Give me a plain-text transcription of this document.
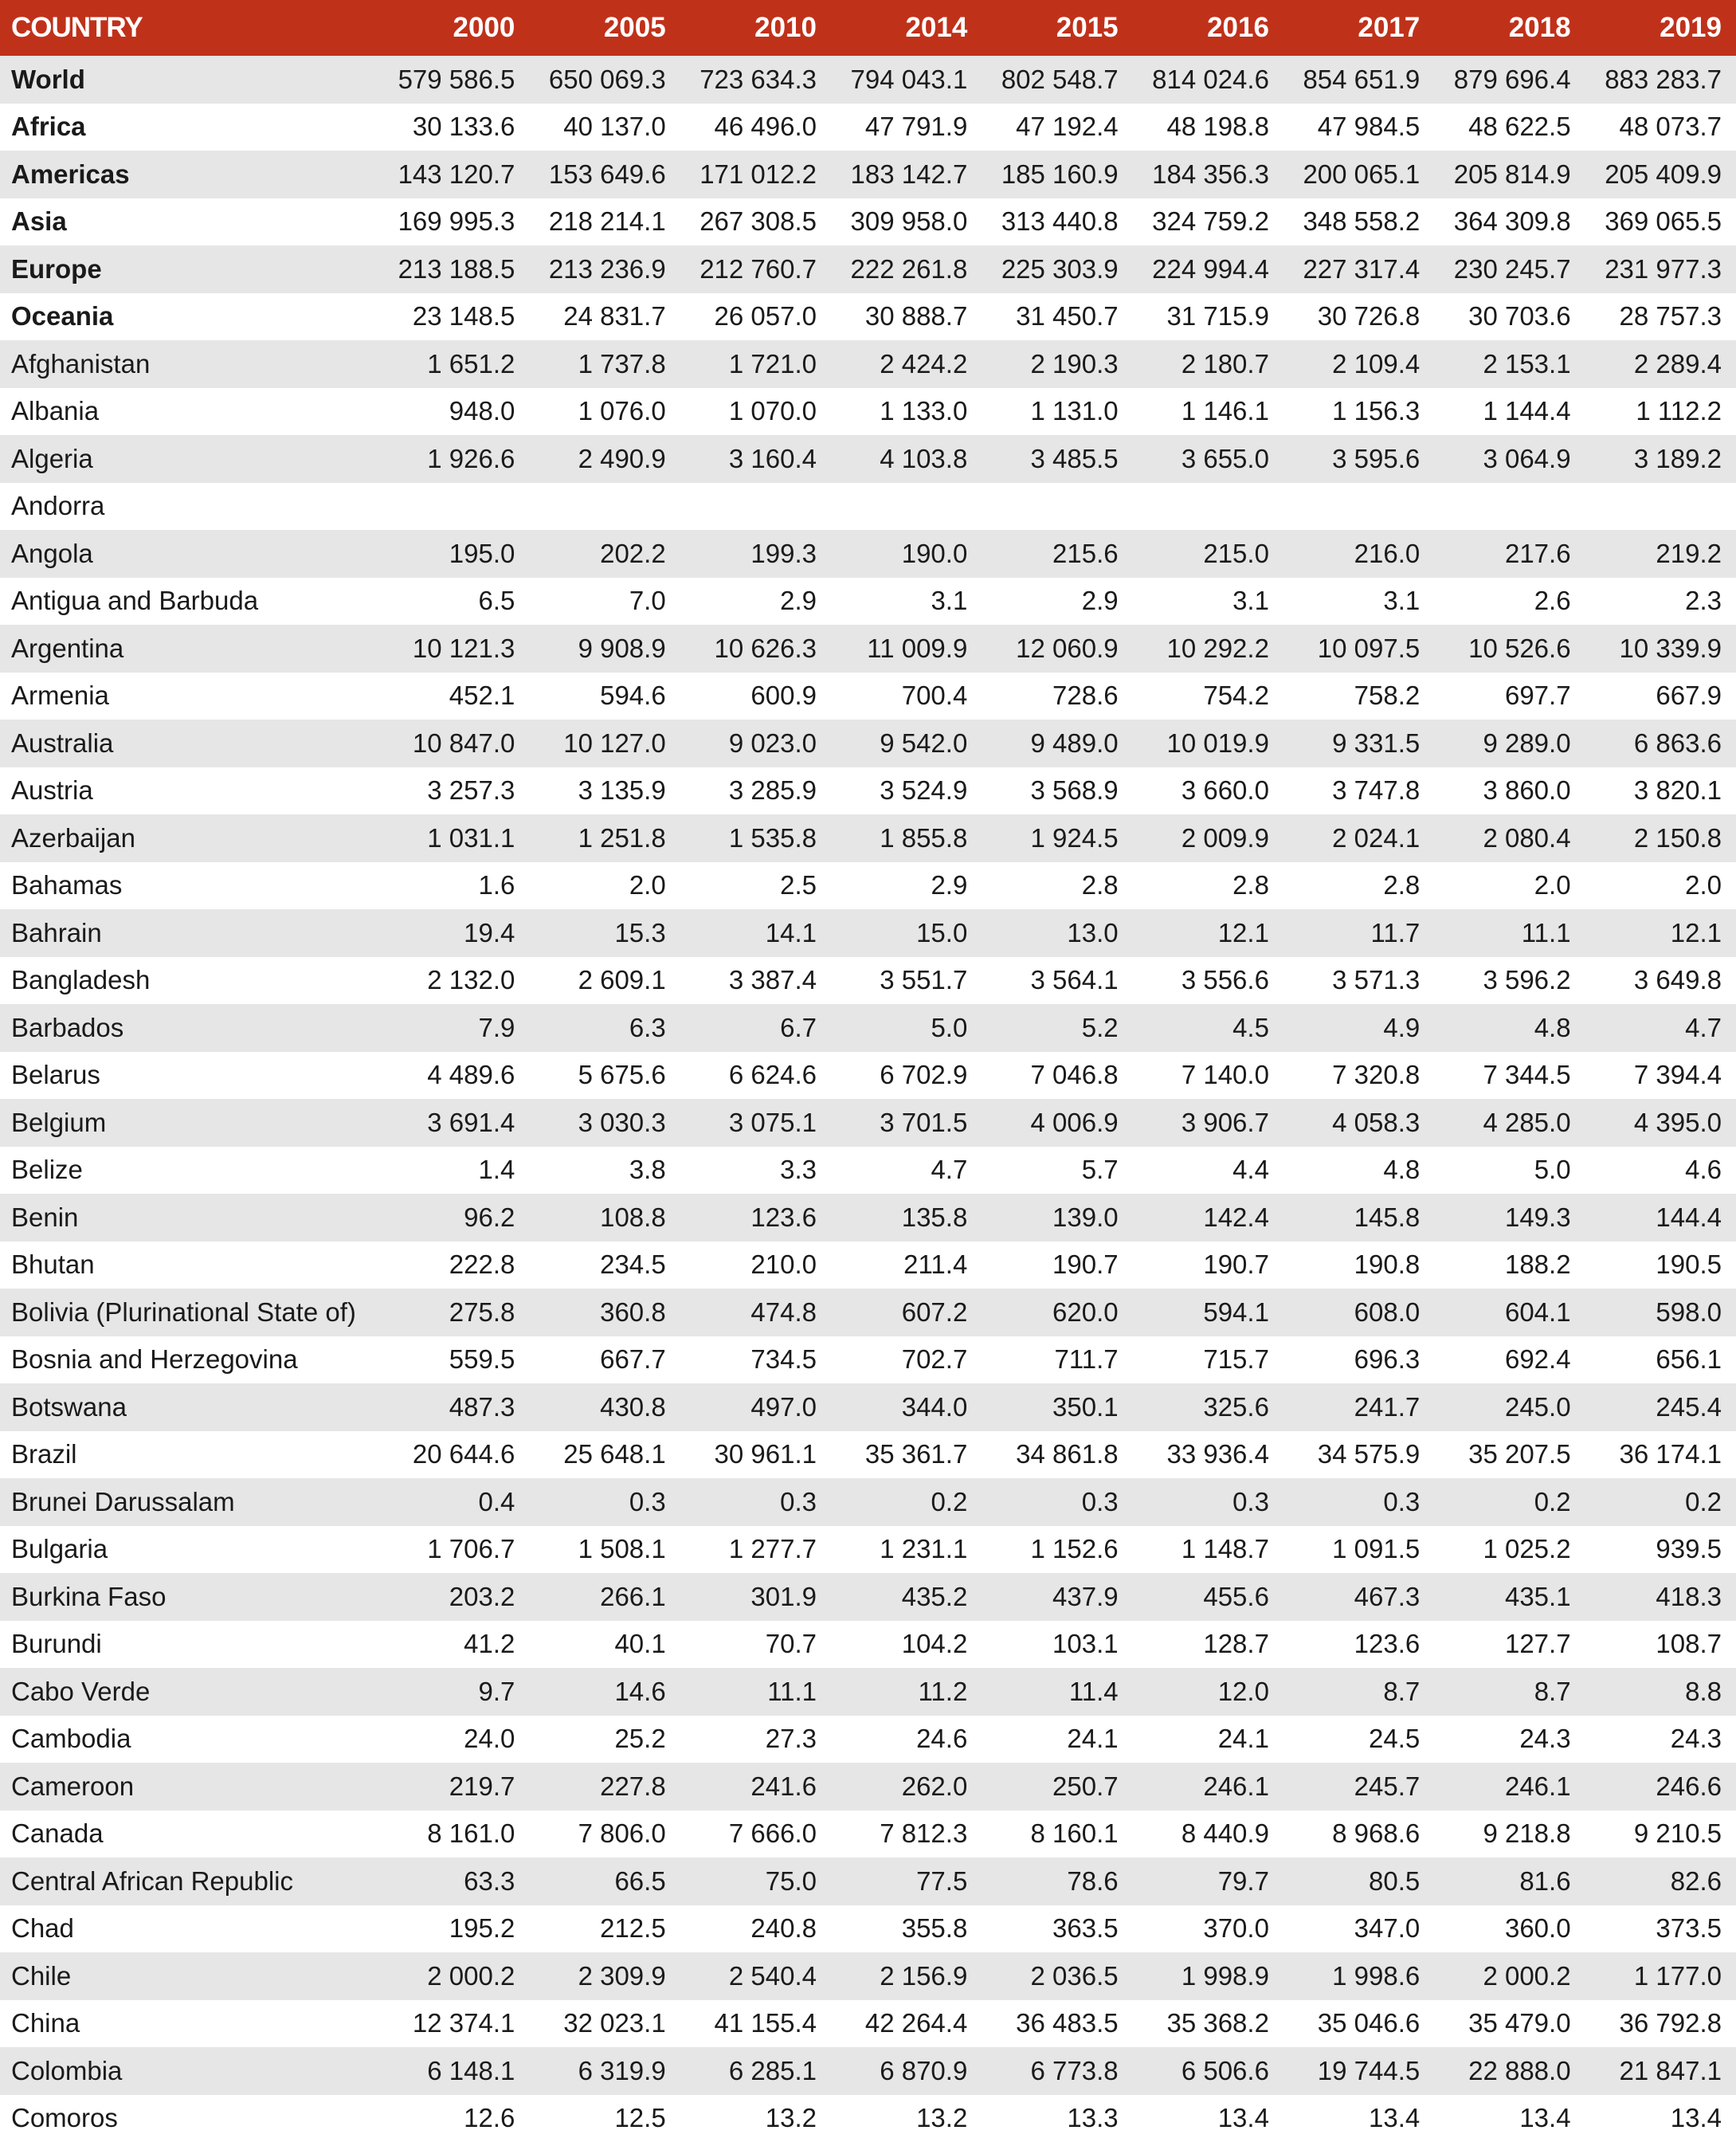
COUNTRY	2000	2005	2010	2014	2015	2016	2017	2018	2019
World	579 586.5	650 069.3	723 634.3	794 043.1	802 548.7	814 024.6	854 651.9	879 696.4	883 283.7
Africa	30 133.6	40 137.0	46 496.0	47 791.9	47 192.4	48 198.8	47 984.5	48 622.5	48 073.7
Americas	143 120.7	153 649.6	171 012.2	183 142.7	185 160.9	184 356.3	200 065.1	205 814.9	205 409.9
Asia	169 995.3	218 214.1	267 308.5	309 958.0	313 440.8	324 759.2	348 558.2	364 309.8	369 065.5
Europe	213 188.5	213 236.9	212 760.7	222 261.8	225 303.9	224 994.4	227 317.4	230 245.7	231 977.3
Oceania	23 148.5	24 831.7	26 057.0	30 888.7	31 450.7	31 715.9	30 726.8	30 703.6	28 757.3
Afghanistan	1 651.2	1 737.8	1 721.0	2 424.2	2 190.3	2 180.7	2 109.4	2 153.1	2 289.4
Albania	948.0	1 076.0	1 070.0	1 133.0	1 131.0	1 146.1	1 156.3	1 144.4	1 112.2
Algeria	1 926.6	2 490.9	3 160.4	4 103.8	3 485.5	3 655.0	3 595.6	3 064.9	3 189.2
Andorra									
Angola	195.0	202.2	199.3	190.0	215.6	215.0	216.0	217.6	219.2
Antigua and Barbuda	6.5	7.0	2.9	3.1	2.9	3.1	3.1	2.6	2.3
Argentina	10 121.3	9 908.9	10 626.3	11 009.9	12 060.9	10 292.2	10 097.5	10 526.6	10 339.9
Armenia	452.1	594.6	600.9	700.4	728.6	754.2	758.2	697.7	667.9
Australia	10 847.0	10 127.0	9 023.0	9 542.0	9 489.0	10 019.9	9 331.5	9 289.0	6 863.6
Austria	3 257.3	3 135.9	3 285.9	3 524.9	3 568.9	3 660.0	3 747.8	3 860.0	3 820.1
Azerbaijan	1 031.1	1 251.8	1 535.8	1 855.8	1 924.5	2 009.9	2 024.1	2 080.4	2 150.8
Bahamas	1.6	2.0	2.5	2.9	2.8	2.8	2.8	2.0	2.0
Bahrain	19.4	15.3	14.1	15.0	13.0	12.1	11.7	11.1	12.1
Bangladesh	2 132.0	2 609.1	3 387.4	3 551.7	3 564.1	3 556.6	3 571.3	3 596.2	3 649.8
Barbados	7.9	6.3	6.7	5.0	5.2	4.5	4.9	4.8	4.7
Belarus	4 489.6	5 675.6	6 624.6	6 702.9	7 046.8	7 140.0	7 320.8	7 344.5	7 394.4
Belgium	3 691.4	3 030.3	3 075.1	3 701.5	4 006.9	3 906.7	4 058.3	4 285.0	4 395.0
Belize	1.4	3.8	3.3	4.7	5.7	4.4	4.8	5.0	4.6
Benin	96.2	108.8	123.6	135.8	139.0	142.4	145.8	149.3	144.4
Bhutan	222.8	234.5	210.0	211.4	190.7	190.7	190.8	188.2	190.5
Bolivia (Plurinational State of)	275.8	360.8	474.8	607.2	620.0	594.1	608.0	604.1	598.0
Bosnia and Herzegovina	559.5	667.7	734.5	702.7	711.7	715.7	696.3	692.4	656.1
Botswana	487.3	430.8	497.0	344.0	350.1	325.6	241.7	245.0	245.4
Brazil	20 644.6	25 648.1	30 961.1	35 361.7	34 861.8	33 936.4	34 575.9	35 207.5	36 174.1
Brunei Darussalam	0.4	0.3	0.3	0.2	0.3	0.3	0.3	0.2	0.2
Bulgaria	1 706.7	1 508.1	1 277.7	1 231.1	1 152.6	1 148.7	1 091.5	1 025.2	939.5
Burkina Faso	203.2	266.1	301.9	435.2	437.9	455.6	467.3	435.1	418.3
Burundi	41.2	40.1	70.7	104.2	103.1	128.7	123.6	127.7	108.7
Cabo Verde	9.7	14.6	11.1	11.2	11.4	12.0	8.7	8.7	8.8
Cambodia	24.0	25.2	27.3	24.6	24.1	24.1	24.5	24.3	24.3
Cameroon	219.7	227.8	241.6	262.0	250.7	246.1	245.7	246.1	246.6
Canada	8 161.0	7 806.0	7 666.0	7 812.3	8 160.1	8 440.9	8 968.6	9 218.8	9 210.5
Central African Republic	63.3	66.5	75.0	77.5	78.6	79.7	80.5	81.6	82.6
Chad	195.2	212.5	240.8	355.8	363.5	370.0	347.0	360.0	373.5
Chile	2 000.2	2 309.9	2 540.4	2 156.9	2 036.5	1 998.9	1 998.6	2 000.2	1 177.0
China	12 374.1	32 023.1	41 155.4	42 264.4	36 483.5	35 368.2	35 046.6	35 479.0	36 792.8
Colombia	6 148.1	6 319.9	6 285.1	6 870.9	6 773.8	6 506.6	19 744.5	22 888.0	21 847.1
Comoros	12.6	12.5	13.2	13.2	13.3	13.4	13.4	13.4	13.4
